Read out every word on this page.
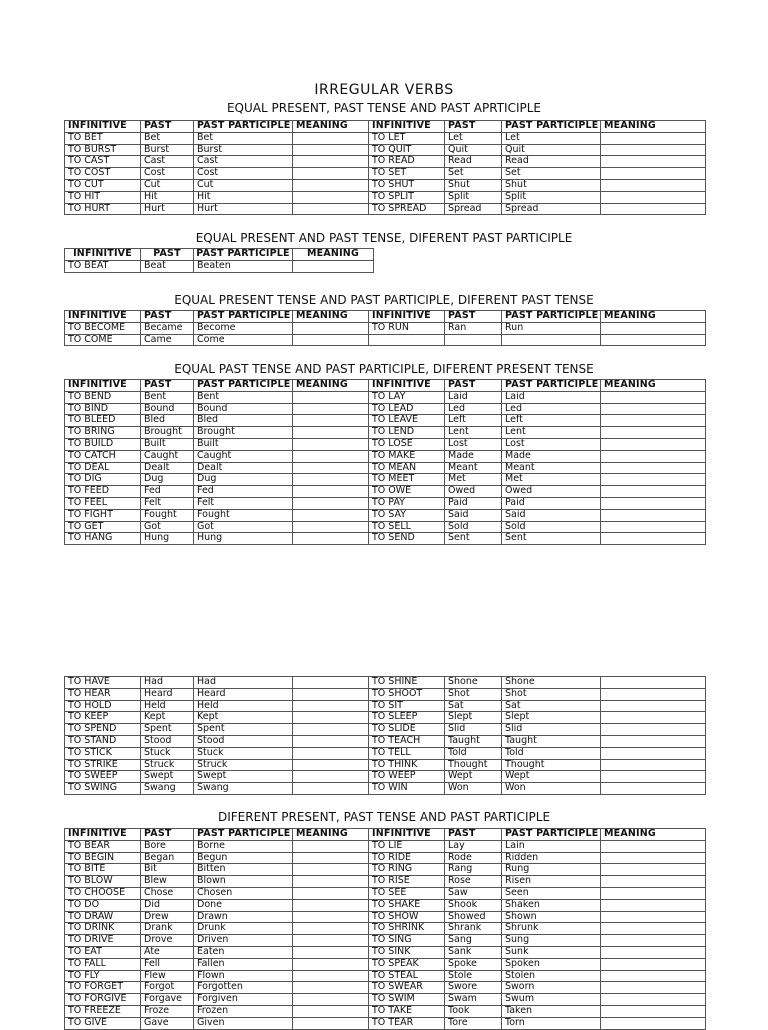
IRREGULAR VERBS
EQUAL PRESENT, PAST TENSE AND PAST APRTICIPLE
INFINITIVE	PAST	PAST PARTICIPLE	MEANING	INFINITIVE	PAST	PAST PARTICIPLE	MEANING
TO BET	Bet	Bet		TO LET	Let	Let	
TO BURST	Burst	Burst		TO QUIT	Quit	Quit	
TO CAST	Cast	Cast		TO READ	Read	Read	
TO COST	Cost	Cost		TO SET	Set	Set	
TO CUT	Cut	Cut		TO SHUT	Shut	Shut	
TO HIT	Hit	Hit		TO SPLIT	Split	Split	
TO HURT	Hurt	Hurt		TO SPREAD	Spread	Spread	
EQUAL PRESENT AND PAST TENSE, DIFERENT PAST PARTICIPLE
INFINITIVE	PAST	PAST PARTICIPLE	MEANING
TO BEAT	Beat	Beaten	
EQUAL PRESENT TENSE AND PAST PARTICIPLE, DIFERENT PAST TENSE
INFINITIVE	PAST	PAST PARTICIPLE	MEANING	INFINITIVE	PAST	PAST PARTICIPLE	MEANING
TO BECOME	Became	Become		TO RUN	Ran	Run	
TO COME	Came	Come					
EQUAL PAST TENSE AND PAST PARTICIPLE, DIFERENT PRESENT TENSE
INFINITIVE	PAST	PAST PARTICIPLE	MEANING	INFINITIVE	PAST	PAST PARTICIPLE	MEANING
TO BEND	Bent	Bent		TO LAY	Laid	Laid	
TO BIND	Bound	Bound		TO LEAD	Led	Led	
TO BLEED	Bled	Bled		TO LEAVE	Left	Left	
TO BRING	Brought	Brought		TO LEND	Lent	Lent	
TO BUILD	Built	Built		TO LOSE	Lost	Lost	
TO CATCH	Caught	Caught		TO MAKE	Made	Made	
TO DEAL	Dealt	Dealt		TO MEAN	Meant	Meant	
TO DIG	Dug	Dug		TO MEET	Met	Met	
TO FEED	Fed	Fed		TO OWE	Owed	Owed	
TO FEEL	Felt	Felt		TO PAY	Paid	Paid	
TO FIGHT	Fought	Fought		TO SAY	Said	Said	
TO GET	Got	Got		TO SELL	Sold	Sold	
TO HANG	Hung	Hung		TO SEND	Sent	Sent	
TO HAVE	Had	Had		TO SHINE	Shone	Shone	
TO HEAR	Heard	Heard		TO SHOOT	Shot	Shot	
TO HOLD	Held	Held		TO SIT	Sat	Sat	
TO KEEP	Kept	Kept		TO SLEEP	Slept	Slept	
TO SPEND	Spent	Spent		TO SLIDE	Slid	Slid	
TO STAND	Stood	Stood		TO TEACH	Taught	Taught	
TO STICK	Stuck	Stuck		TO TELL	Told	Told	
TO STRIKE	Struck	Struck		TO THINK	Thought	Thought	
TO SWEEP	Swept	Swept		TO WEEP	Wept	Wept	
TO SWING	Swang	Swang		TO WIN	Won	Won	
DIFERENT PRESENT, PAST TENSE AND PAST PARTICIPLE
INFINITIVE	PAST	PAST PARTICIPLE	MEANING	INFINITIVE	PAST	PAST PARTICIPLE	MEANING
TO BEAR	Bore	Borne		TO LIE	Lay	Lain	
TO BEGIN	Began	Begun		TO RIDE	Rode	Ridden	
TO BITE	Bit	Bitten		TO RING	Rang	Rung	
TO BLOW	Blew	Blown		TO RISE	Rose	Risen	
TO CHOOSE	Chose	Chosen		TO SEE	Saw	Seen	
TO DO	Did	Done		TO SHAKE	Shook	Shaken	
TO DRAW	Drew	Drawn		TO SHOW	Showed	Shown	
TO DRINK	Drank	Drunk		TO SHRINK	Shrank	Shrunk	
TO DRIVE	Drove	Driven		TO SING	Sang	Sung	
TO EAT	Ate	Eaten		TO SINK	Sank	Sunk	
TO FALL	Fell	Fallen		TO SPEAK	Spoke	Spoken	
TO FLY	Flew	Flown		TO STEAL	Stole	Stolen	
TO FORGET	Forgot	Forgotten		TO SWEAR	Swore	Sworn	
TO FORGIVE	Forgave	Forgiven		TO SWIM	Swam	Swum	
TO FREEZE	Froze	Frozen		TO TAKE	Took	Taken	
TO GIVE	Gave	Given		TO TEAR	Tore	Torn	
